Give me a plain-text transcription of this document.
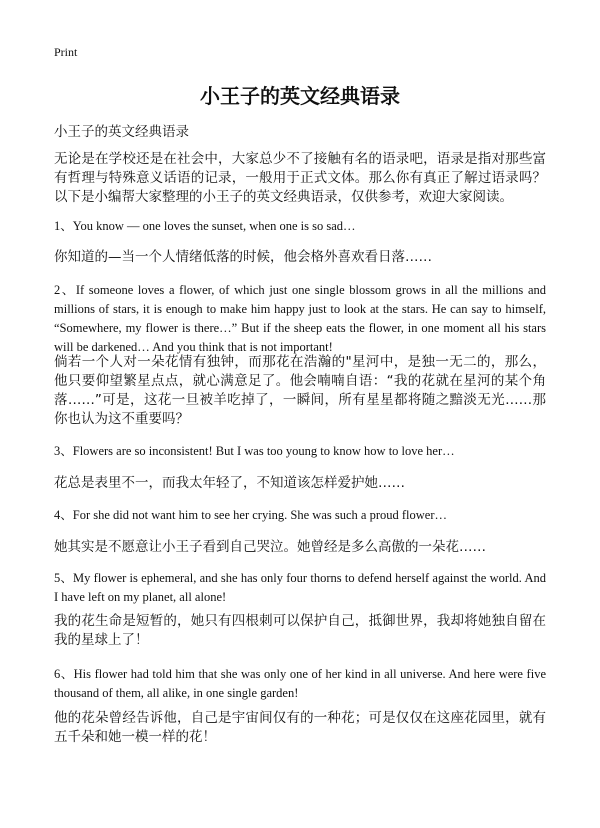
Print
小王子的英文经典语录
小王子的英文经典语录
无论是在学校还是在社会中，大家总少不了接触有名的语录吧，语录是指对那些富有哲理与特殊意义话语的记录，一般用于正式文体。那么你有真正了解过语录吗？以下是小编帮大家整理的小王子的英文经典语录，仅供参考，欢迎大家阅读。
1、You know — one loves the sunset, when one is so sad…
你知道的—当一个人情绪低落的时候，他会格外喜欢看日落……
2、If someone loves a flower, of which just one single blossom grows in all the millions and millions of stars, it is enough to make him happy just to look at the stars. He can say to himself, “Somewhere, my flower is there…” But if the sheep eats the flower, in one moment all his stars will be darkened… And you think that is not important!
倘若一个人对一朵花情有独钟，而那花在浩瀚的"星河中，是独一无二的，那么，他只要仰望繁星点点，就心满意足了。他会喃喃自语：“我的花就在星河的某个角落……”可是，这花一旦被羊吃掉了，一瞬间，所有星星都将随之黯淡无光……那你也认为这不重要吗？
3、Flowers are so inconsistent! But I was too young to know how to love her…
花总是表里不一，而我太年轻了，不知道该怎样爱护她……
4、For she did not want him to see her crying. She was such a proud flower…
她其实是不愿意让小王子看到自己哭泣。她曾经是多么高傲的一朵花……
5、My flower is ephemeral, and she has only four thorns to defend herself against the world. And I have left on my planet, all alone!
我的花生命是短暂的，她只有四根刺可以保护自己，抵御世界，我却将她独自留在我的星球上了！
6、His flower had told him that she was only one of her kind in all universe. And here were five thousand of them, all alike, in one single garden!
他的花朵曾经告诉他，自己是宇宙间仅有的一种花；可是仅仅在这座花园里，就有五千朵和她一模一样的花！
